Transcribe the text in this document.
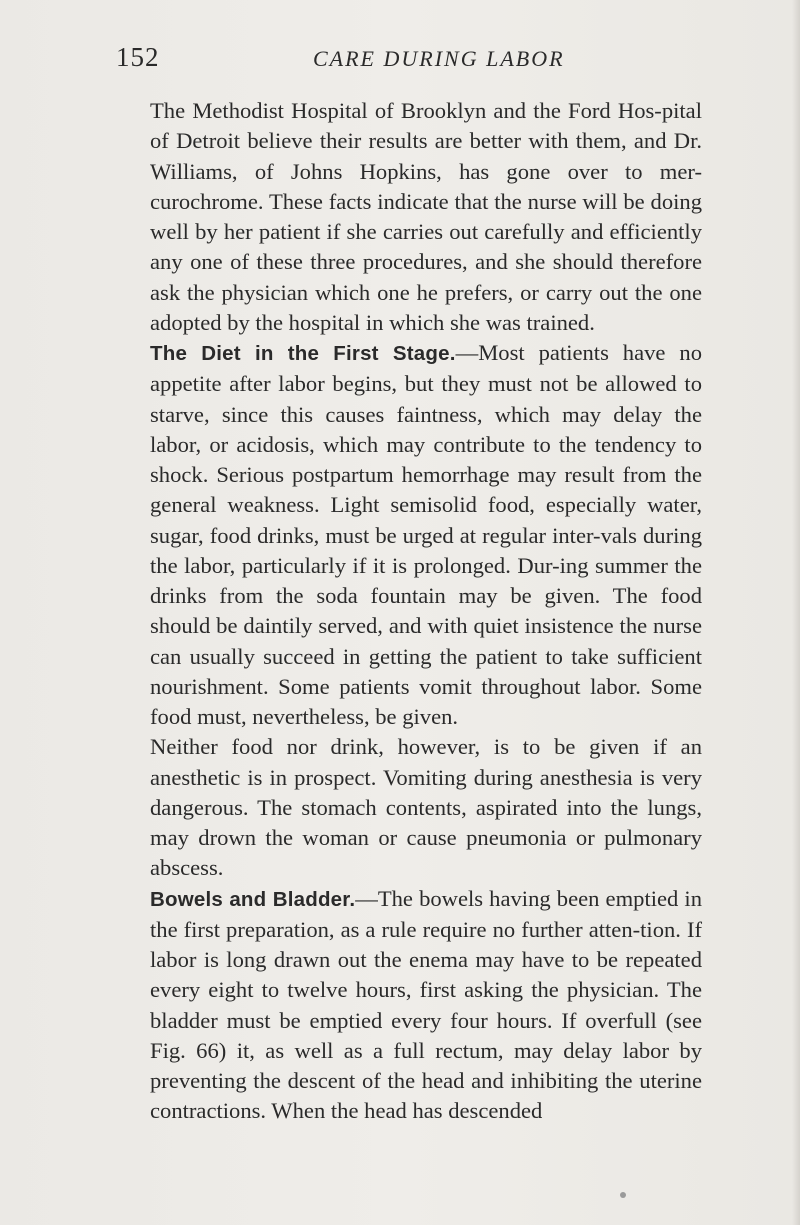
152	CARE DURING LABOR

The Methodist Hospital of Brooklyn and the Ford Hos-pital of Detroit believe their results are better with them, and Dr. Williams, of Johns Hopkins, has gone over to mer-curochrome. These facts indicate that the nurse will be doing well by her patient if she carries out carefully and efficiently any one of these three procedures, and she should therefore ask the physician which one he prefers, or carry out the one adopted by the hospital in which she was trained.

The Diet in the First Stage.—Most patients have no appetite after labor begins, but they must not be allowed to starve, since this causes faintness, which may delay the labor, or acidosis, which may contribute to the tendency to shock. Serious postpartum hemorrhage may result from the general weakness. Light semisolid food, especially water, sugar, food drinks, must be urged at regular inter-vals during the labor, particularly if it is prolonged. Dur-ing summer the drinks from the soda fountain may be given. The food should be daintily served, and with quiet insistence the nurse can usually succeed in getting the patient to take sufficient nourishment. Some patients vomit throughout labor. Some food must, nevertheless, be given.

Neither food nor drink, however, is to be given if an anesthetic is in prospect. Vomiting during anesthesia is very dangerous. The stomach contents, aspirated into the lungs, may drown the woman or cause pneumonia or pulmonary abscess.

Bowels and Bladder.—The bowels having been emptied in the first preparation, as a rule require no further atten-tion. If labor is long drawn out the enema may have to be repeated every eight to twelve hours, first asking the physician. The bladder must be emptied every four hours. If overfull (see Fig. 66) it, as well as a full rectum, may delay labor by preventing the descent of the head and inhibiting the uterine contractions. When the head has descended
